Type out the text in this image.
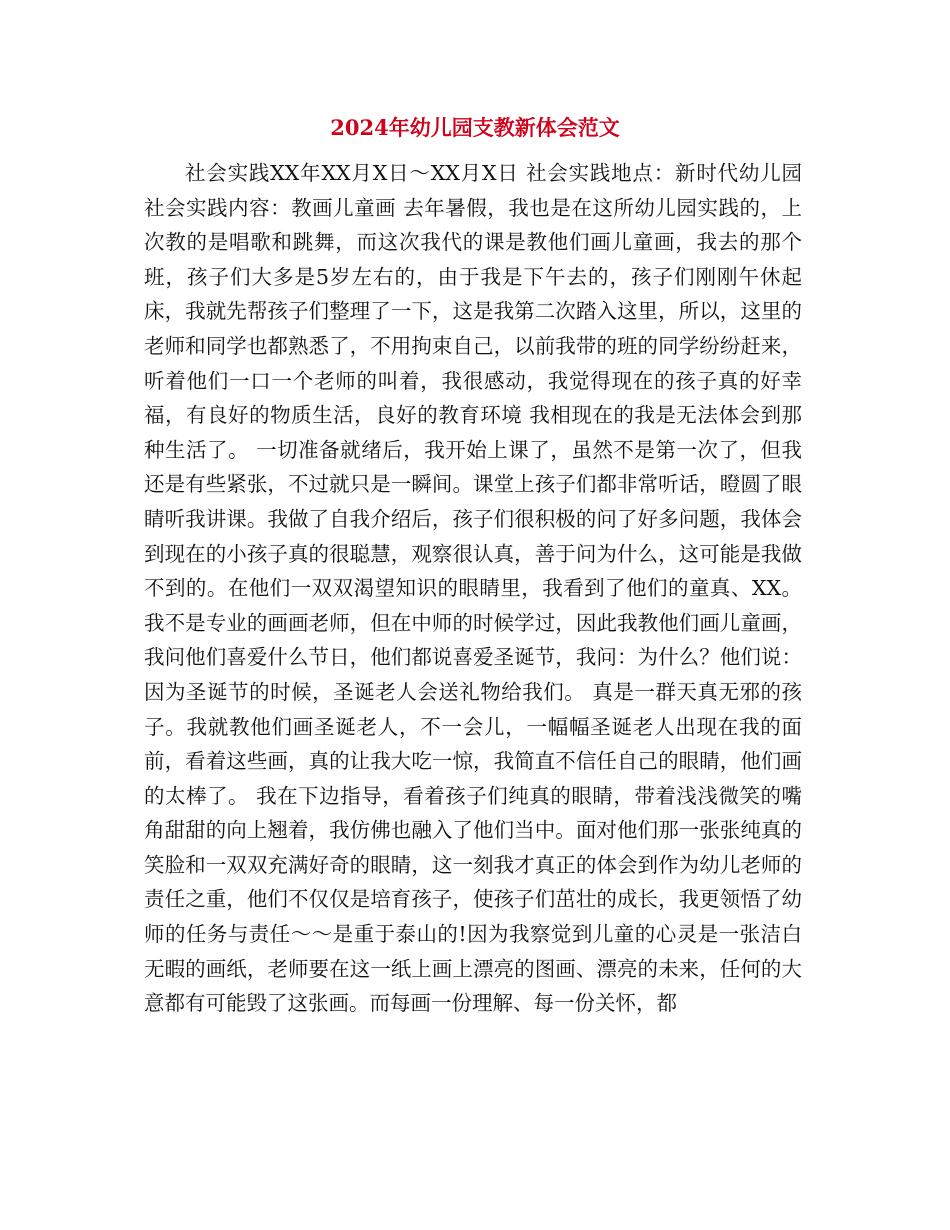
2024年幼儿园支教新体会范文

社会实践XX年XX月X日～XX月X日 社会实践地点：新时代幼儿园 社会实践内容：教画儿童画 去年暑假，我也是在这所幼儿园实践的，上次教的是唱歌和跳舞，而这次我代的课是教他们画儿童画，我去的那个班，孩子们大多是5岁左右的，由于我是下午去的，孩子们刚刚午休起床，我就先帮孩子们整理了一下，这是我第二次踏入这里，所以，这里的老师和同学也都熟悉了，不用拘束自己，以前我带的班的同学纷纷赶来，听着他们一口一个老师的叫着，我很感动，我觉得现在的孩子真的好幸福，有良好的物质生活，良好的教育环境 我相现在的我是无法体会到那种生活了。 一切准备就绪后，我开始上课了，虽然不是第一次了，但我还是有些紧张，不过就只是一瞬间。课堂上孩子们都非常听话，瞪圆了眼睛听我讲课。我做了自我介绍后，孩子们很积极的问了好多问题，我体会到现在的小孩子真的很聪慧，观察很认真，善于问为什么，这可能是我做不到的。在他们一双双渴望知识的眼睛里，我看到了他们的童真、XX。我不是专业的画画老师，但在中师的时候学过，因此我教他们画儿童画，我问他们喜爱什么节日，他们都说喜爱圣诞节，我问：为什么？他们说：因为圣诞节的时候，圣诞老人会送礼物给我们。 真是一群天真无邪的孩子。我就教他们画圣诞老人，不一会儿，一幅幅圣诞老人出现在我的面前，看着这些画，真的让我大吃一惊，我简直不信任自己的眼睛，他们画的太棒了。 我在下边指导，看着孩子们纯真的眼睛，带着浅浅微笑的嘴角甜甜的向上翘着，我仿佛也融入了他们当中。面对他们那一张张纯真的笑脸和一双双充满好奇的眼睛，这一刻我才真正的体会到作为幼儿老师的责任之重，他们不仅仅是培育孩子，使孩子们茁壮的成长，我更领悟了幼师的任务与责任～～是重于泰山的!因为我察觉到儿童的心灵是一张洁白无暇的画纸，老师要在这一纸上画上漂亮的图画、漂亮的未来，任何的大意都有可能毁了这张画。而每画一份理解、每一份关怀，都
